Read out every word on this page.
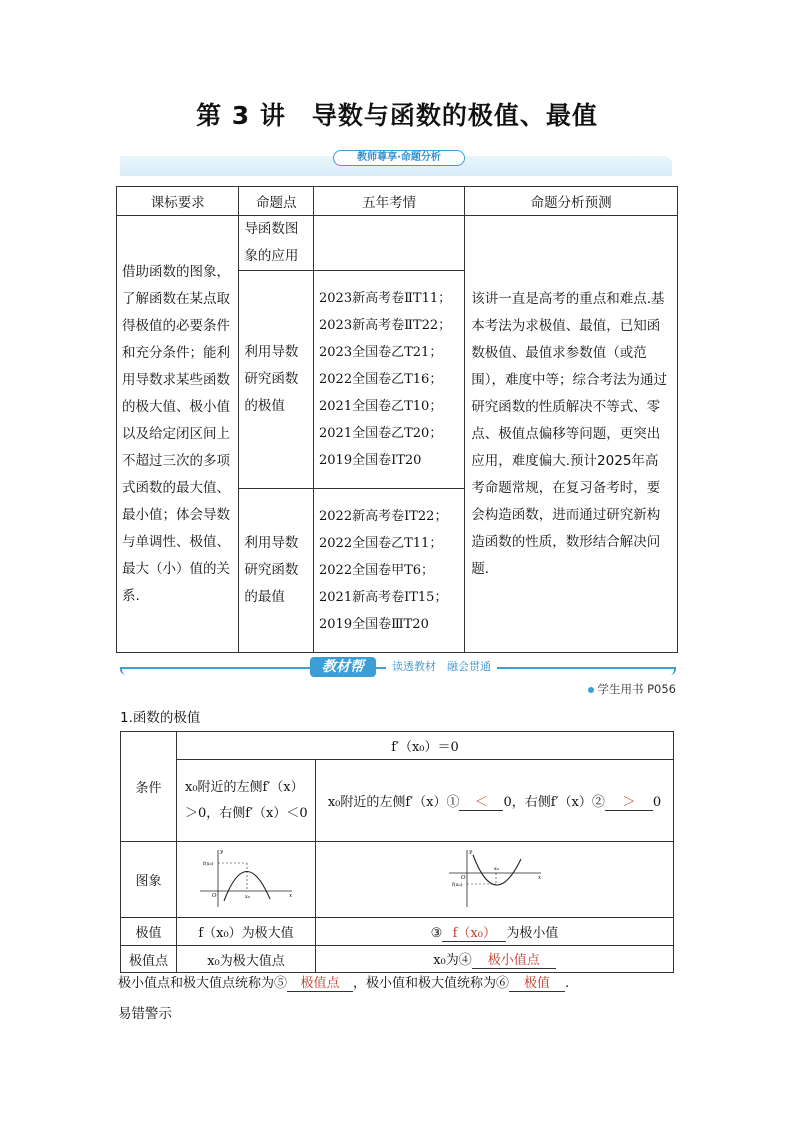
第 3 讲　导数与函数的极值、最值
教师尊享·命题分析
课标要求	命题点	五年考情	命题分析预测
借助函数的图象，了解函数在某点取得极值的必要条件和充分条件；能利用导数求某些函数的极大值、极小值以及给定闭区间上不超过三次的多项式函数的最大值、最小值；体会导数与单调性、极值、最大（小）值的关系.	导函数图象的应用		该讲一直是高考的重点和难点.基本考法为求极值、最值，已知函数极值、最值求参数值（或范围），难度中等；综合考法为通过研究函数的性质解决不等式、零点、极值点偏移等问题，更突出应用，难度偏大.预计2025年高考命题常规，在复习备考时，要会构造函数，进而通过研究新构造函数的性质，数形结合解决问题.
	利用导数研究函数的极值	2023新高考卷ⅡT11；2023新高考卷ⅡT22；2023全国卷乙T21；2022全国卷乙T16；2021全国卷乙T10；2021全国卷乙T20；2019全国卷ⅠT20	
	利用导数研究函数的最值	2022新高考卷ⅠT22；2022全国卷乙T11；2022全国卷甲T6；2021新高考卷ⅠT15；2019全国卷ⅢT20	
教材帮	读透教材　融会贯通
学生用书 P056
1.函数的极值
条件	f′（x₀）＝0	
	x₀附近的左侧f′（x）＞0，右侧f′（x）＜0	x₀附近的左侧f′（x）① ＜ 0，右侧f′（x）② ＞ 0
图象	y
x
O
f(x₀)
x₀	y
x
O
f(x₀)
x₀

极值	f（x₀）为极大值	③ f（x₀） 为极小值
极值点	x₀为极大值点	x₀为④ 极小值点
极小值点和极大值点统称为⑤ 极值点 ，极小值和极大值统称为⑥ 极值 .
易错警示
